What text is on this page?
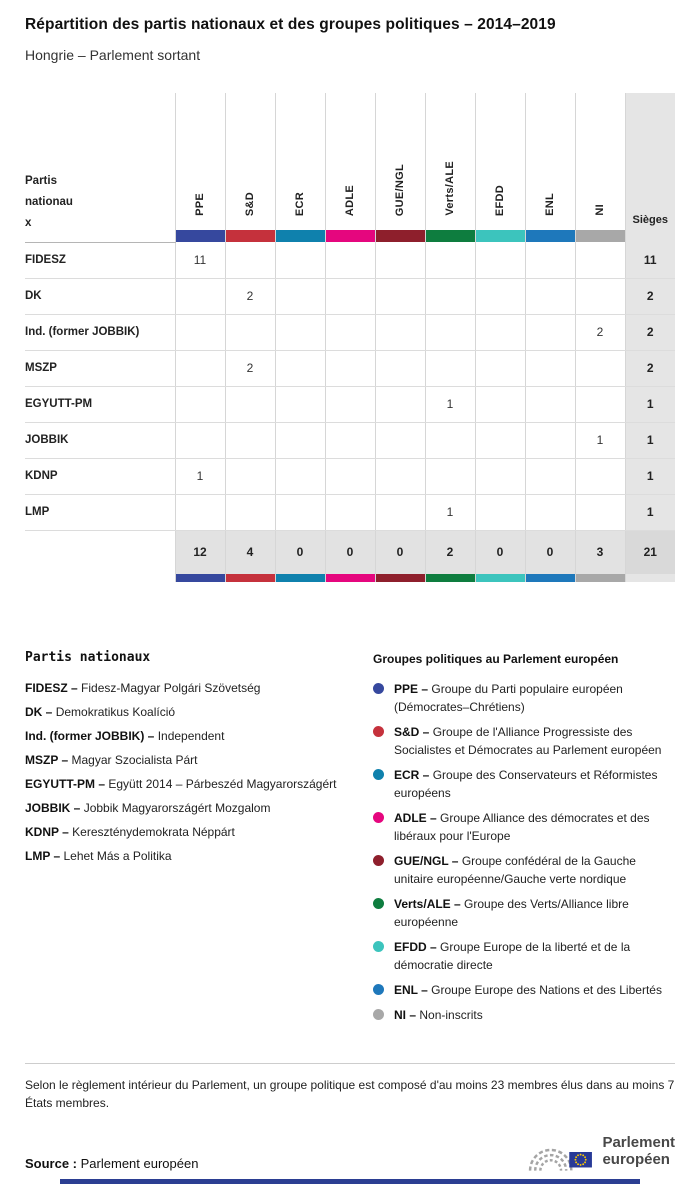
Répartition des partis nationaux et des groupes politiques – 2014–2019
Hongrie – Parlement sortant
Partis nationaux	PPE	S&D	ECR	ADLE	GUE/NGL	Verts/ALE	EFDD	ENL	NI	Sièges

FIDESZ	11									11
DK		2								2
Ind. (former JOBBIK)									2	2
MSZP		2								2
EGYUTT-PM						1				1
JOBBIK									1	1
KDNP	1									1
LMP						1				1
	12	4	0	0	0	2	0	0	3	21

Partis nationaux
FIDESZ – Fidesz-Magyar Polgári Szövetség
DK – Demokratikus Koalíció
Ind. (former JOBBIK) – Independent
MSZP – Magyar Szocialista Párt
EGYUTT-PM – Együtt 2014 – Párbeszéd Magyarországért
JOBBIK – Jobbik Magyarországért Mozgalom
KDNP – Kereszténydemokrata Néppárt
LMP – Lehet Más a Politika
Groupes politiques au Parlement européen
PPE – Groupe du Parti populaire européen (Démocrates–Chrétiens)
S&D – Groupe de l'Alliance Progressiste des Socialistes et Démocrates au Parlement européen
ECR – Groupe des Conservateurs et Réformistes européens
ADLE – Groupe Alliance des démocrates et des libéraux pour l'Europe
GUE/NGL – Groupe confédéral de la Gauche unitaire européenne/Gauche verte nordique
Verts/ALE – Groupe des Verts/Alliance libre européenne
EFDD – Groupe Europe de la liberté et de la démocratie directe
ENL – Groupe Europe des Nations et des Libertés
NI – Non-inscrits
Selon le règlement intérieur du Parlement, un groupe politique est composé d'au moins 23 membres élus dans au moins 7 États membres.
Source : Parlement européen
Parlement
européen
